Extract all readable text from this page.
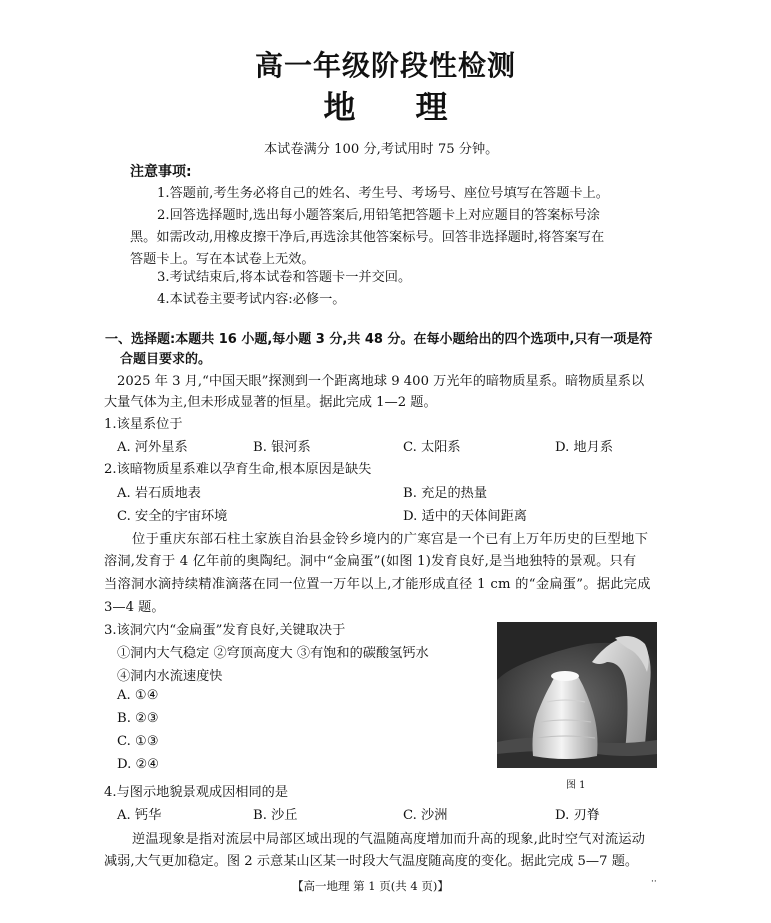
高一年级阶段性检测
地 理
本试卷满分 100 分,考试用时 75 分钟。
注意事项:
1.答题前,考生务必将自己的姓名、考生号、考场号、座位号填写在答题卡上。
2.回答选择题时,选出每小题答案后,用铅笔把答题卡上对应题目的答案标号涂
黑。如需改动,用橡皮擦干净后,再选涂其他答案标号。回答非选择题时,将答案写在
答题卡上。写在本试卷上无效。
3.考试结束后,将本试卷和答题卡一并交回。
4.本试卷主要考试内容:必修一。
一、选择题:本题共 16 小题,每小题 3 分,共 48 分。在每小题给出的四个选项中,只有一项是符
合题目要求的。
2025 年 3 月,“中国天眼”探测到一个距离地球 9 400 万光年的暗物质星系。暗物质星系以
大量气体为主,但未形成显著的恒星。据此完成 1—2 题。
1.该星系位于
A. 河外星系	B. 银河系	C. 太阳系	D. 地月系
2.该暗物质星系难以孕育生命,根本原因是缺失
A. 岩石质地表	B. 充足的热量
C. 安全的宇宙环境	D. 适中的天体间距离
位于重庆东部石柱土家族自治县金铃乡境内的广寒宫是一个已有上万年历史的巨型地下
溶洞,发育于 4 亿年前的奥陶纪。洞中“金扁蛋”(如图 1)发育良好,是当地独特的景观。只有
当溶洞水滴持续精准滴落在同一位置一万年以上,才能形成直径 1 cm 的“金扁蛋”。据此完成
3—4 题。
3.该洞穴内“金扁蛋”发育良好,关键取决于
①洞内大气稳定 ②穹顶高度大 ③有饱和的碳酸氢钙水
④洞内水流速度快
A. ①④
B. ②③
C. ①③
D. ②④
图 1
4.与图示地貌景观成因相同的是
A. 钙华	B. 沙丘	C. 沙洲	D. 刃脊
逆温现象是指对流层中局部区域出现的气温随高度增加而升高的现象,此时空气对流运动
减弱,大气更加稳定。图 2 示意某山区某一时段大气温度随高度的变化。据此完成 5—7 题。
【高一地理 第 1 页(共 4 页)】	··
